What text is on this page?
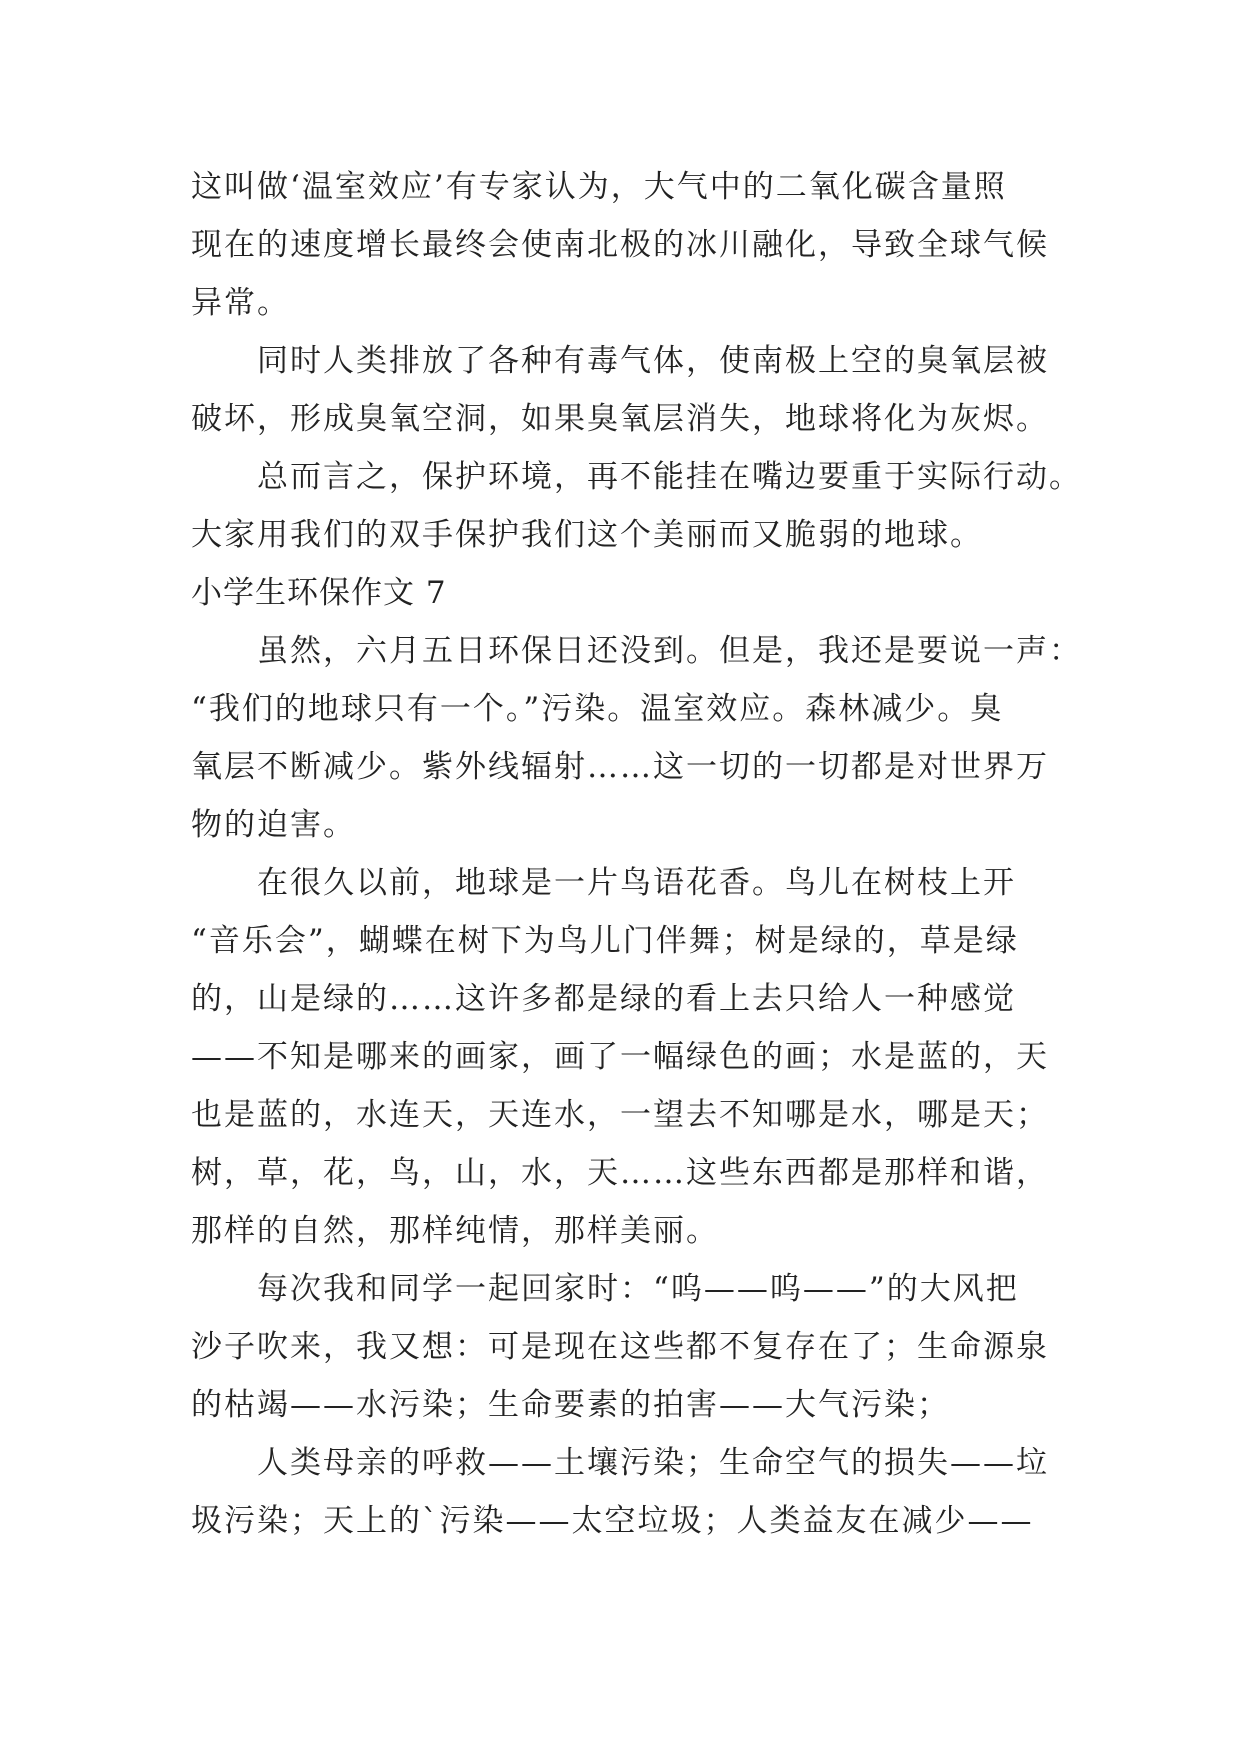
这叫做‘温室效应’有专家认为，大气中的二氧化碳含量照
现在的速度增长最终会使南北极的冰川融化，导致全球气候
异常。
同时人类排放了各种有毒气体，使南极上空的臭氧层被
破坏，形成臭氧空洞，如果臭氧层消失，地球将化为灰烬。
总而言之，保护环境，再不能挂在嘴边要重于实际行动。
大家用我们的双手保护我们这个美丽而又脆弱的地球。
小学生环保作文 7
虽然，六月五日环保日还没到。但是，我还是要说一声：
“我们的地球只有一个。”污染。温室效应。森林减少。臭
氧层不断减少。紫外线辐射……这一切的一切都是对世界万
物的迫害。
在很久以前，地球是一片鸟语花香。鸟儿在树枝上开
“音乐会”，蝴蝶在树下为鸟儿门伴舞；树是绿的，草是绿
的，山是绿的……这许多都是绿的看上去只给人一种感觉
——不知是哪来的画家，画了一幅绿色的画；水是蓝的，天
也是蓝的，水连天，天连水，一望去不知哪是水，哪是天；
树，草，花，鸟，山，水，天……这些东西都是那样和谐，
那样的自然，那样纯情，那样美丽。
每次我和同学一起回家时：“呜——呜——”的大风把
沙子吹来，我又想：可是现在这些都不复存在了；生命源泉
的枯竭——水污染；生命要素的拍害——大气污染；
人类母亲的呼救——土壤污染；生命空气的损失——垃
圾污染；天上的`污染——太空垃圾；人类益友在减少——
